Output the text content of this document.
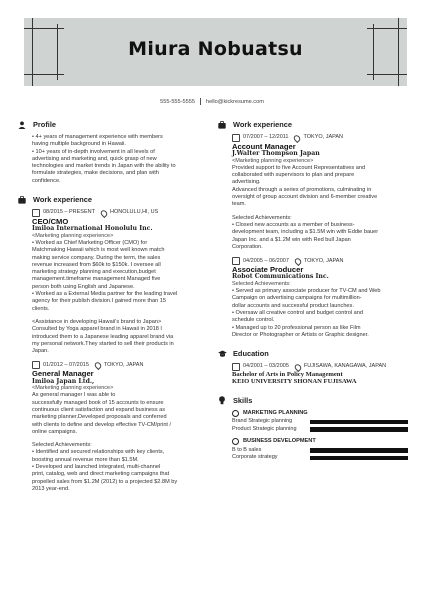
Miura Nobuatsu
555-555-5555 hello@kickresume.com
Profile

• 4+ years of management experience with members

having multiple background in Hawaii.

• 10+ years of in-depth involvement in all levels of

advertising and marketing and, quick grasp of new

technologies and market trends in Japan with the ability to

formulate strategies, make decisions, and plan with

confidence.

Work experience
08/2015 – PRESENT	HONOLULU,HI, US
CEO/CMO
Imiloa International Honolulu Inc.
<Marketing planning experience>

• Worked as Chief Marketing Officer (CMO) for

Matchmaking Hawaii which is most well known match

making service company. During the term, the sales

revenue increased from $60k to $150k. I oversee all

marketing strategy planning and execution,budget

management.timeframe management Managed five

person both using English and Japanese.

• Worked as a External Media partner for the leading travel

agency for their publish division.I gained more than 15

clients.

<Assistance in developing Hawaii’s brand to Japan>

Consulted by Yoga apparel brand in Hawaii in 2018 I

introduced them to a Japanese leading apparel brand via

my personal network.They started to sell their products in

Japan.

01/2012 – 07/2015	TOKYO, JAPAN
General Manager
Imiloa Japan Ltd.,
<Marketing planning experience>

As general manager I was able to

successfully managed book of 15 accounts to ensure

continuous client satisfaction and expand business as

marketing planner.Developed proposals and conferred

with clients to define and develop effective TV-CM/print /

online campaigns.

Selected Achievements:

• Identified and secured relationships with key clients,

boosting annual revenue more than $1.5M.

• Developed and launched integrated, multi-channel

print, catalog, web and direct marketing campaigns that

propelled sales from $1.2M (2012) to a projected $2.8M by

2013 year-end.

Work experience
07/2007 – 12/2011	TOKYO, JAPAN
Account Manager
J.Walter Thompson Japan
<Marketing planning experience>

Provided support to five Account Representatives and

collaborated with supervisors to plan and prepare

advertising.

Advanced through a series of promotions, culminating in

oversight of group account division and 6-member creative

team.

Selected Achievements:

• Closed new accounts as a member of business-

development team, including a $1.5M win with Eddie bauer

Japan Inc. and a $1.2M win with Red bull Japan

Corporation.

04/2005 – 06/2007	TOKYO, JAPAN
Associate Producer
Robot Communications Inc.
Selected Achievements:

• Served as primary associate producer for TV-CM and Web

Campaign on advertising campaigns for multimillion-

dollar accounts and successful product launches.

• Oversaw all creative control and budget control and

schedule control.

• Managed up to 20 professional person as like Film

Director or Photographer or Artists or Graphic designer.

Education
04/2001 – 03/2005	FUJISAWA, KANAGAWA, JAPAN
Bachelor of Arts in Policy Management
KEIO UNIVERSITY SHONAN FUJISAWA
Skills
MARKETING PLANNING
Brand Strategic planning
Product Strategic planning
BUSINESS DEVELOPMENT
B to B sales
Corporate strategy
